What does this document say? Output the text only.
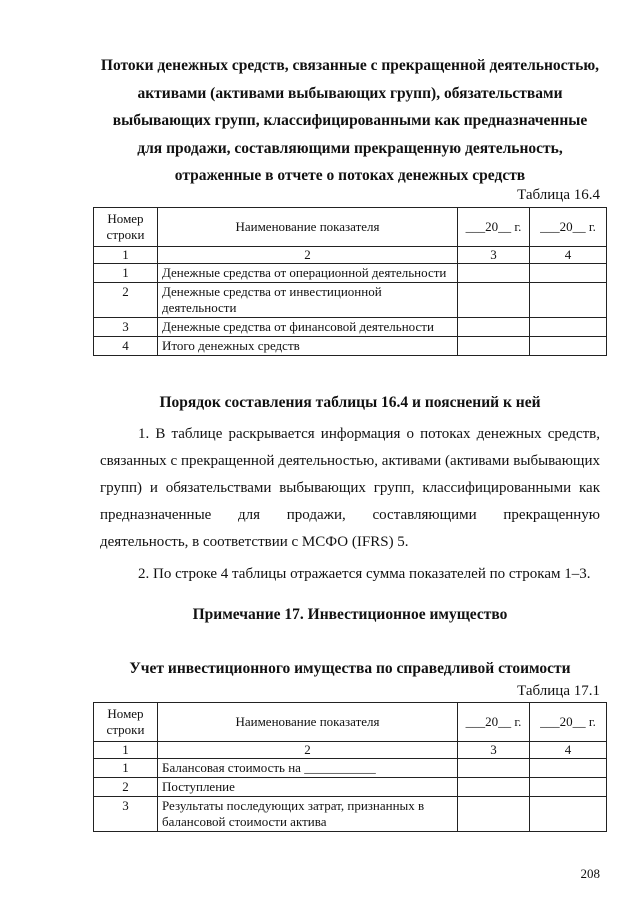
Потоки денежных средств, связанные с прекращенной деятельностью, активами (активами выбывающих групп), обязательствами выбывающих групп, классифицированными как предназначенные для продажи, составляющими прекращенную деятельность, отраженные в отчете о потоках денежных средств
Таблица 16.4
Номер строки	Наименование показателя	___20__ г.	___20__ г.
1	2	3	4
1	Денежные средства от операционной деятельности		
2	Денежные средства от инвестиционной деятельности		
3	Денежные средства от финансовой деятельности		
4	Итого денежных средств		
Порядок составления таблицы 16.4 и пояснений к ней

1. В таблице раскрывается информация о потоках денежных средств, связанных с прекращенной деятельностью, активами (активами выбывающих групп) и обязательствами выбывающих групп, классифицированными как предназначенные для продажи, составляющими прекращенную деятельность, в соответствии с МСФО (IFRS) 5.

2. По строке 4 таблицы отражается сумма показателей по строкам 1–3.

Примечание 17. Инвестиционное имущество
Учет инвестиционного имущества по справедливой стоимости
Таблица 17.1
Номер строки	Наименование показателя	___20__ г.	___20__ г.
1	2	3	4
1	Балансовая стоимость на ___________		
2	Поступление		
3	Результаты последующих затрат, признанных в балансовой стоимости актива		
208
